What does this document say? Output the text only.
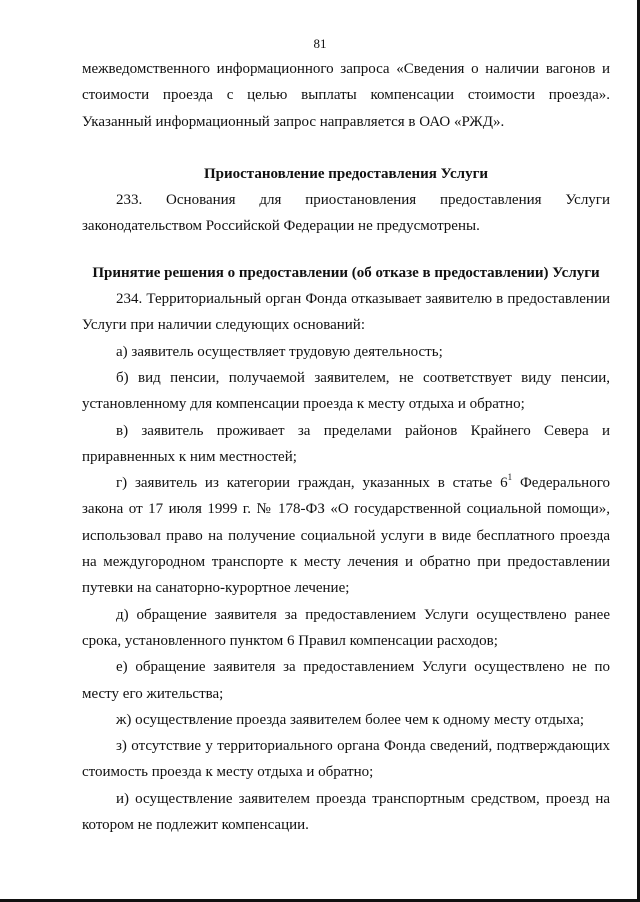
81
межведомственного информационного запроса «Сведения о наличии вагонов и
стоимости проезда с целью выплаты компенсации стоимости проезда».
Указанный информационный запрос направляется в ОАО «РЖД».
Приостановление предоставления Услуги
233. Основания для приостановления предоставления Услуги
законодательством Российской Федерации не предусмотрены.
Принятие решения о предоставлении (об отказе в предоставлении) Услуги
234. Территориальный орган Фонда отказывает заявителю в предоставлении
Услуги при наличии следующих оснований:
а) заявитель осуществляет трудовую деятельность;
б) вид пенсии, получаемой заявителем, не соответствует виду пенсии,
установленному для компенсации проезда к месту отдыха и обратно;
в) заявитель проживает за пределами районов Крайнего Севера и
приравненных к ним местностей;
г) заявитель из категории граждан, указанных в статье $6^1$ Федерального
закона от 17 июля 1999 г. № 178-ФЗ «О государственной социальной помощи»,
использовал право на получение социальной услуги в виде бесплатного проезда
на междугородном транспорте к месту лечения и обратно при предоставлении
путевки на санаторно-курортное лечение;
д) обращение заявителя за предоставлением Услуги осуществлено ранее
срока, установленного пунктом 6 Правил компенсации расходов;
е) обращение заявителя за предоставлением Услуги осуществлено не по
месту его жительства;
ж) осуществление проезда заявителем более чем к одному месту отдыха;
з) отсутствие у территориального органа Фонда сведений, подтверждающих
стоимость проезда к месту отдыха и обратно;
и) осуществление заявителем проезда транспортным средством, проезд на
котором не подлежит компенсации.
